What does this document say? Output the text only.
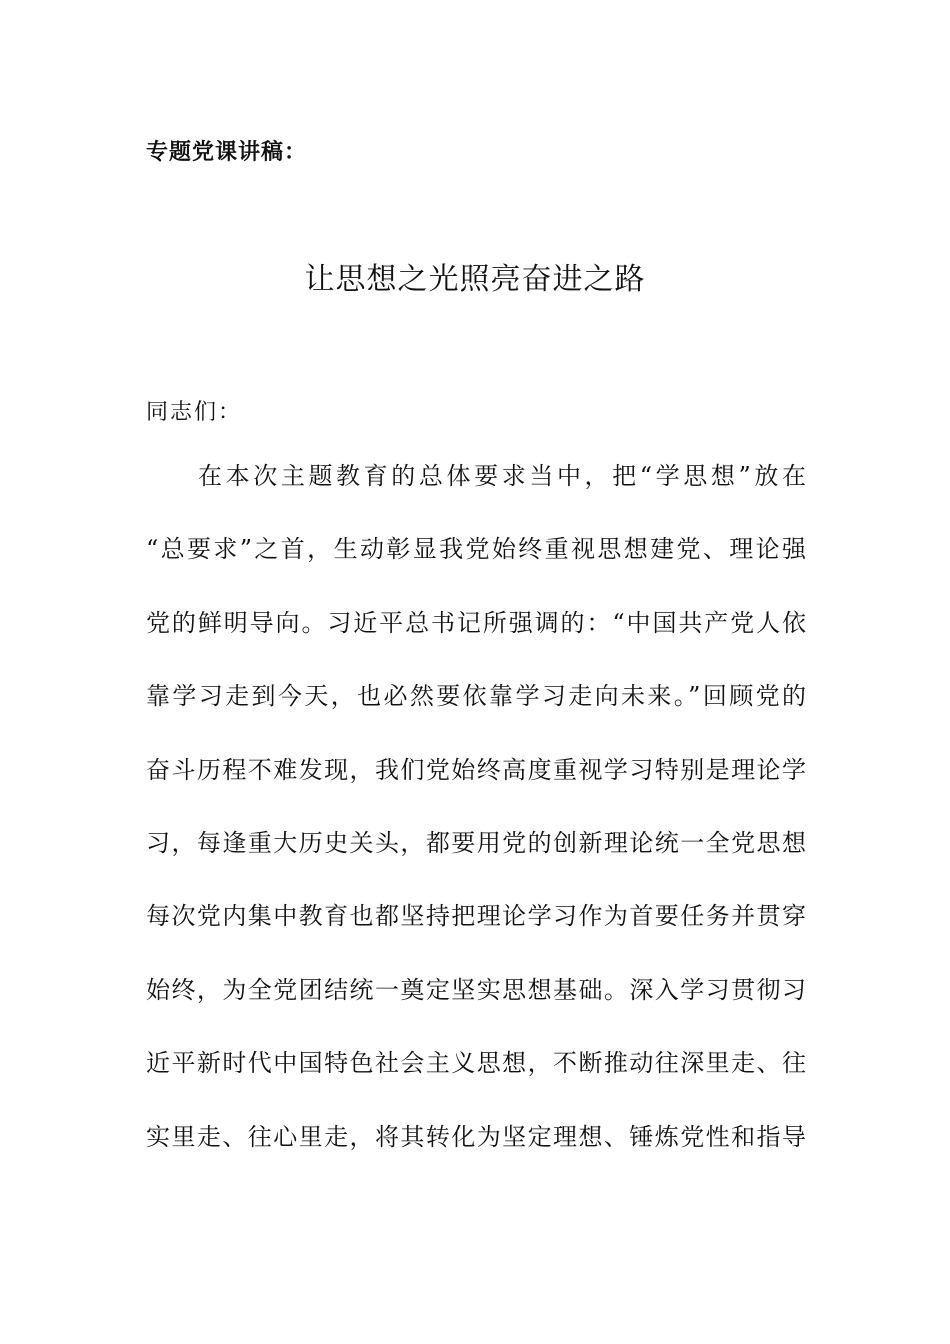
专题党课讲稿：
让思想之光照亮奋进之路
同志们：
在本次主题教育的总体要求当中，把“学思想”放在
“总要求”之首，生动彰显我党始终重视思想建党、理论强
党的鲜明导向。习近平总书记所强调的：“中国共产党人依
靠学习走到今天，也必然要依靠学习走向未来。”回顾党的
奋斗历程不难发现，我们党始终高度重视学习特别是理论学
习，每逢重大历史关头，都要用党的创新理论统一全党思想
每次党内集中教育也都坚持把理论学习作为首要任务并贯穿
始终，为全党团结统一奠定坚实思想基础。深入学习贯彻习
近平新时代中国特色社会主义思想，不断推动往深里走、往
实里走、往心里走，将其转化为坚定理想、锤炼党性和指导
